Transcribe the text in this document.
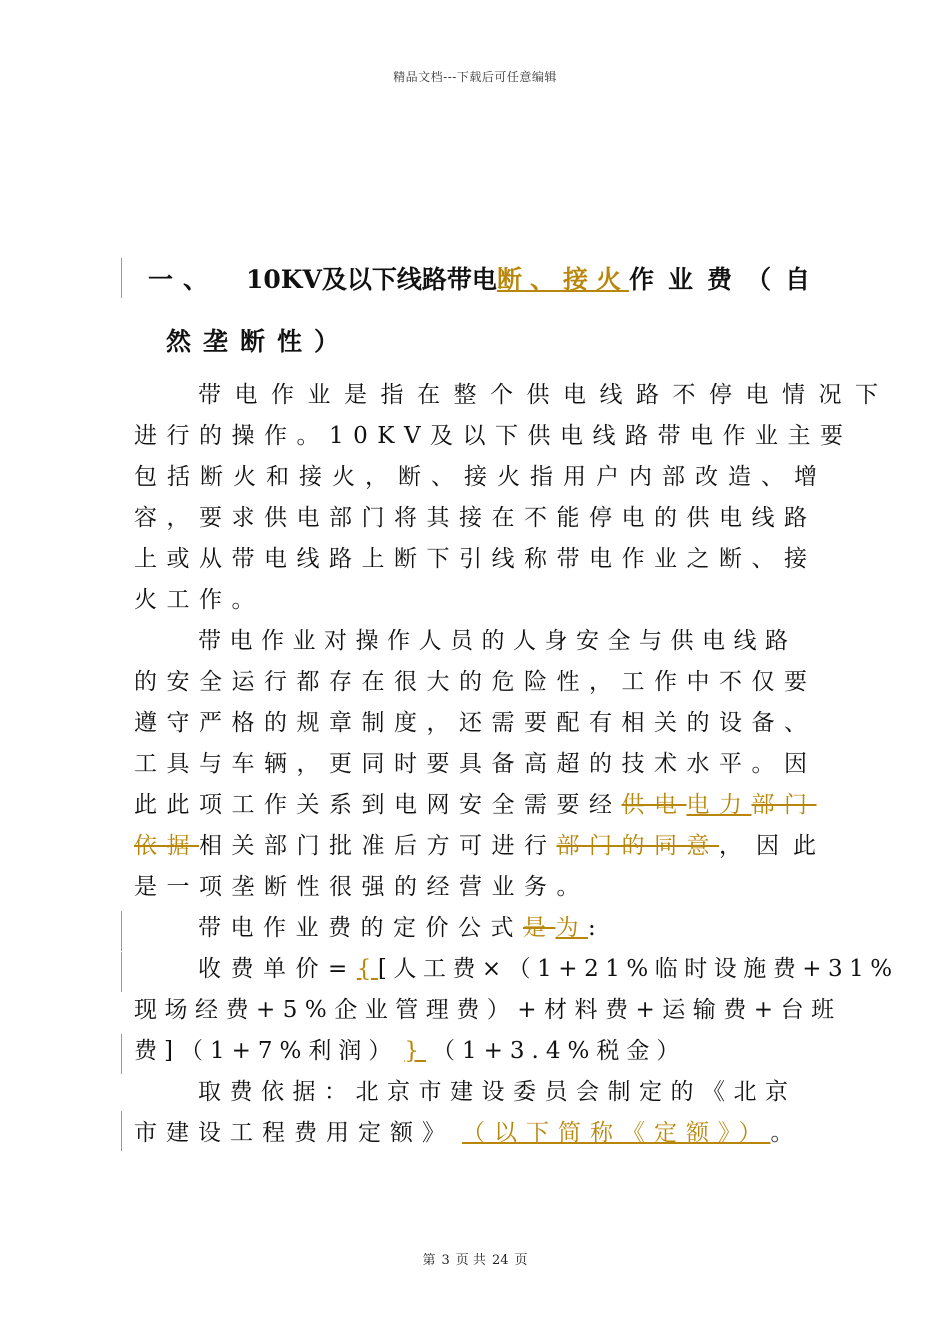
精品文档---下载后可任意编辑
一、 10KV及以下线路带电 断、接火 作业费（自
然垄断性）
带电作业是指在整个供电线路不停电情况下
进行的操作。10KV及以下供电线路带电作业主要
包括断火和接火，断、接火指用户内部改造、增
容，要求供电部门将其接在不能停电的供电线路
上或从带电线路上断下引线称带电作业之断、接
火工作。
带电作业对操作人员的人身安全与供电线路
的安全运行都存在很大的危险性，工作中不仅要
遵守严格的规章制度，还需要配有相关的设备、
工具与车辆，更同时要具备高超的技术水平。因
此此项工作关系到电网安全需要经 供电 电力 部门
依据 相关部门批准后方可进行 部门的同意 ，因此
是一项垄断性很强的经营业务。
带电作业费的定价公式 是 为 :
收费单价= { [人工费×（1+21%临时设施费+31%
现场经费+5%企业管理费）+材料费+运输费+台班
费]（1+7%利润） } （1+3.4%税金）
取费依据：北京市建设委员会制定的《北京
市建设工程费用定额》 （以下简称《定额》） 。
第 3 页 共 24 页
